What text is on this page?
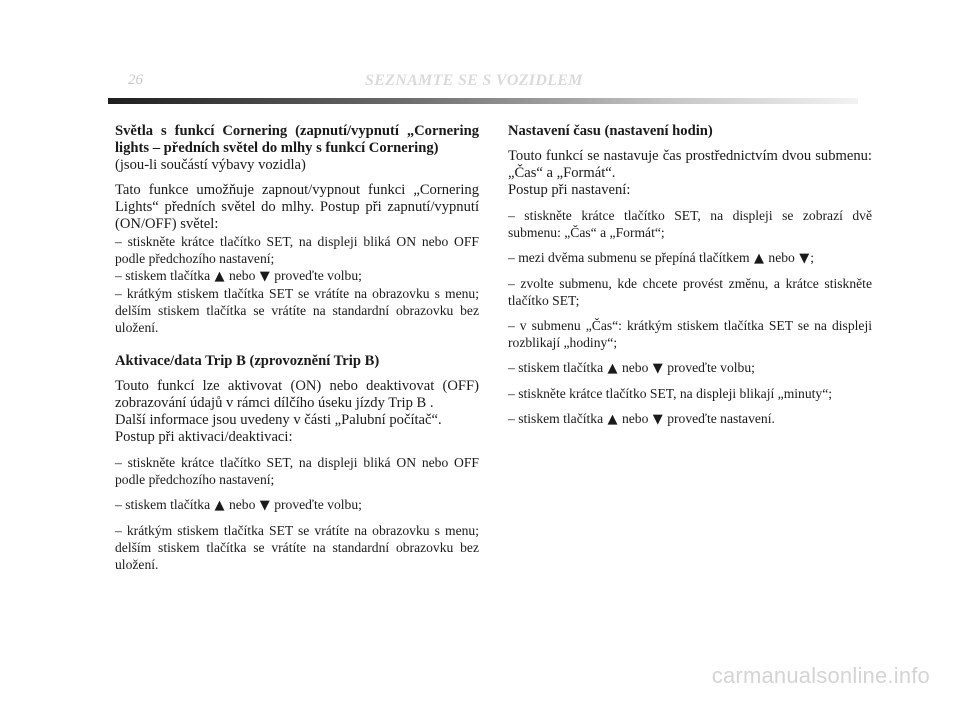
26	SEZNAMTE SE S VOZIDLEM

Světla s funkcí Cornering (zapnutí/vypnutí „Cornering lights – předních světel do mlhy s funkcí Cornering)

(jsou-li součástí výbavy vozidla)

Tato funkce umožňuje zapnout/vypnout funkci „Cornering Lights“ předních světel do mlhy. Postup při zapnutí/vypnutí (ON/OFF) světel:

– stiskněte krátce tlačítko SET, na displeji bliká ON nebo OFF podle předchozího nastavení;

– stiskem tlačítka ▲ nebo ▼ proveďte volbu;

– krátkým stiskem tlačítka SET se vrátíte na obrazovku s menu; delším stiskem tlačítka se vrátíte na standardní obrazovku bez uložení.

Aktivace/data Trip B (zprovoznění Trip B)

Touto funkcí lze aktivovat (ON) nebo deaktivovat (OFF) zobrazování údajů v rámci dílčího úseku jízdy Trip B .

Další informace jsou uvedeny v části „Palubní počítač“.

Postup při aktivaci/deaktivaci:

– stiskněte krátce tlačítko SET, na displeji bliká ON nebo OFF podle předchozího nastavení;

– stiskem tlačítka ▲ nebo ▼ proveďte volbu;

– krátkým stiskem tlačítka SET se vrátíte na obrazovku s menu; delším stiskem tlačítka se vrátíte na standardní obrazovku bez uložení.

Nastavení času (nastavení hodin)

Touto funkcí se nastavuje čas prostřednictvím dvou submenu: „Čas“ a „Formát“.

Postup při nastavení:

– stiskněte krátce tlačítko SET, na displeji se zobrazí dvě submenu: „Čas“ a „Formát“;

– mezi dvěma submenu se přepíná tlačítkem ▲ nebo ▼;

– zvolte submenu, kde chcete provést změnu, a krátce stiskněte tlačítko SET;

– v submenu „Čas“: krátkým stiskem tlačítka SET se na displeji rozblikají „hodiny“;

– stiskem tlačítka ▲ nebo ▼ proveďte volbu;

– stiskněte krátce tlačítko SET, na displeji blikají „minuty“;

– stiskem tlačítka ▲ nebo ▼ proveďte nastavení.

carmanualsonline.info
